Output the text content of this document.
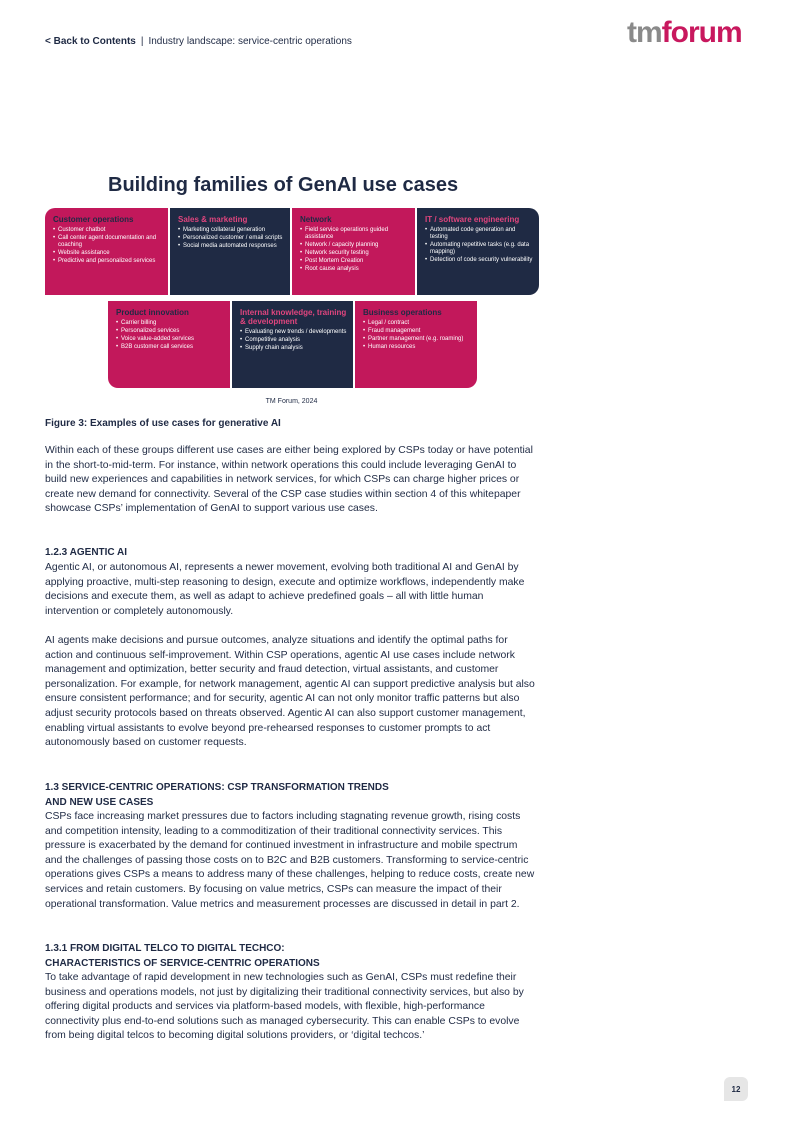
< Back to Contents | Industry landscape: service-centric operations	tmforum
Building families of GenAI use cases
Customer operations
• Customer chatbot
• Call center agent documentation and coaching
• Website assistance
• Predictive and personalized services
Sales & marketing
• Marketing collateral generation
• Personalized customer / email scripts
• Social media automated responses
Network
• Field service operations guided assistance
• Network / capacity planning
• Network security testing
• Post Mortem Creation
• Root cause analysis
IT / software engineering
• Automated code generation and testing
• Automating repetitive tasks (e.g. data mapping)
• Detection of code security vulnerability
Product innovation
• Carrier billing
• Personalized services
• Voice value-added services
• B2B customer call services
Internal knowledge, training & development
• Evaluating new trends / developments
• Competitive analysis
• Supply chain analysis
Business operations
• Legal / contract
• Fraud management
• Partner management (e.g. roaming)
• Human resources
TM Forum, 2024
Figure 3: Examples of use cases for generative AI

Within each of these groups different use cases are either being explored by CSPs today or have potential in the short-to-mid-term. For instance, within network operations this could include leveraging GenAI to build new experiences and capabilities in network services, for which CSPs can charge higher prices or create new demand for connectivity. Several of the CSP case studies within section 4 of this whitepaper showcase CSPs’ implementation of GenAI to support various use cases.

1.2.3 AGENTIC AI

Agentic AI, or autonomous AI, represents a newer movement, evolving both traditional AI and GenAI by applying proactive, multi-step reasoning to design, execute and optimize workflows, independently make decisions and execute them, as well as adapt to achieve predefined goals – all with little human intervention or completely autonomously.

AI agents make decisions and pursue outcomes, analyze situations and identify the optimal paths for action and continuous self-improvement. Within CSP operations, agentic AI use cases include network management and optimization, better security and fraud detection, virtual assistants, and customer personalization. For example, for network management, agentic AI can support predictive analysis but also ensure consistent performance; and for security, agentic AI can not only monitor traffic patterns but also adjust security protocols based on threats observed. Agentic AI can also support customer management, enabling virtual assistants to evolve beyond pre-rehearsed responses to customer prompts to act autonomously based on customer requests.

1.3 SERVICE-CENTRIC OPERATIONS: CSP TRANSFORMATION TRENDS AND NEW USE CASES

CSPs face increasing market pressures due to factors including stagnating revenue growth, rising costs and competition intensity, leading to a commoditization of their traditional connectivity services. This pressure is exacerbated by the demand for continued investment in infrastructure and mobile spectrum and the challenges of passing those costs on to B2C and B2B customers. Transforming to service-centric operations gives CSPs a means to address many of these challenges, helping to reduce costs, create new services and retain customers. By focusing on value metrics, CSPs can measure the impact of their operational transformation. Value metrics and measurement processes are discussed in detail in part 2.

1.3.1 FROM DIGITAL TELCO TO DIGITAL TECHCO: CHARACTERISTICS OF SERVICE-CENTRIC OPERATIONS

To take advantage of rapid development in new technologies such as GenAI, CSPs must redefine their business and operations models, not just by digitalizing their traditional connectivity services, but also by offering digital products and services via platform-based models, with flexible, high-performance connectivity plus end-to-end solutions such as managed cybersecurity. This can enable CSPs to evolve from being digital telcos to becoming digital solutions providers, or ‘digital techcos.’

12
